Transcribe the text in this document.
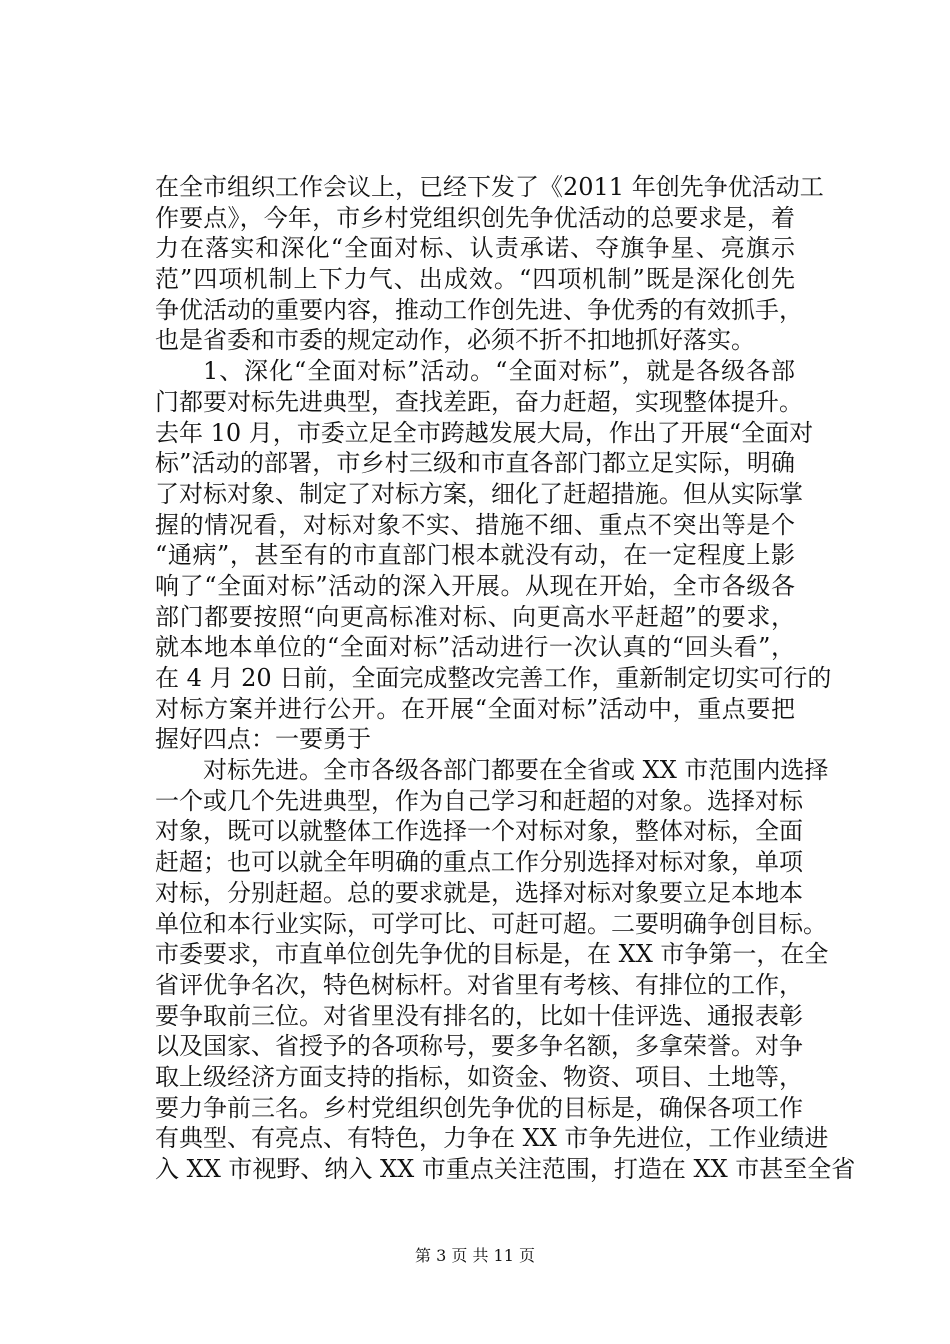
在全市组织工作会议上，已经下发了《2011 年创先争优活动工
作要点》，今年，市乡村党组织创先争优活动的总要求是，着
力在落实和深化“全面对标、认责承诺、夺旗争星、亮旗示
范”四项机制上下力气、出成效。“四项机制”既是深化创先
争优活动的重要内容，推动工作创先进、争优秀的有效抓手，
也是省委和市委的规定动作，必须不折不扣地抓好落实。
1、深化“全面对标”活动。“全面对标”，就是各级各部
门都要对标先进典型，查找差距，奋力赶超，实现整体提升。
去年 10 月，市委立足全市跨越发展大局，作出了开展“全面对
标”活动的部署，市乡村三级和市直各部门都立足实际，明确
了对标对象、制定了对标方案，细化了赶超措施。但从实际掌
握的情况看，对标对象不实、措施不细、重点不突出等是个
“通病”，甚至有的市直部门根本就没有动，在一定程度上影
响了“全面对标”活动的深入开展。从现在开始，全市各级各
部门都要按照“向更高标准对标、向更高水平赶超”的要求，
就本地本单位的“全面对标”活动进行一次认真的“回头看”，
在 4 月 20 日前，全面完成整改完善工作，重新制定切实可行的
对标方案并进行公开。在开展“全面对标”活动中，重点要把
握好四点：一要勇于
对标先进。全市各级各部门都要在全省或 XX 市范围内选择
一个或几个先进典型，作为自己学习和赶超的对象。选择对标
对象，既可以就整体工作选择一个对标对象，整体对标，全面
赶超；也可以就全年明确的重点工作分别选择对标对象，单项
对标，分别赶超。总的要求就是，选择对标对象要立足本地本
单位和本行业实际，可学可比、可赶可超。二要明确争创目标。
市委要求，市直单位创先争优的目标是，在 XX 市争第一，在全
省评优争名次，特色树标杆。对省里有考核、有排位的工作，
要争取前三位。对省里没有排名的，比如十佳评选、通报表彰
以及国家、省授予的各项称号，要多争名额，多拿荣誉。对争
取上级经济方面支持的指标，如资金、物资、项目、土地等，
要力争前三名。乡村党组织创先争优的目标是，确保各项工作
有典型、有亮点、有特色，力争在 XX 市争先进位，工作业绩进
入 XX 市视野、纳入 XX 市重点关注范围，打造在 XX 市甚至全省
第 3 页 共 11 页
